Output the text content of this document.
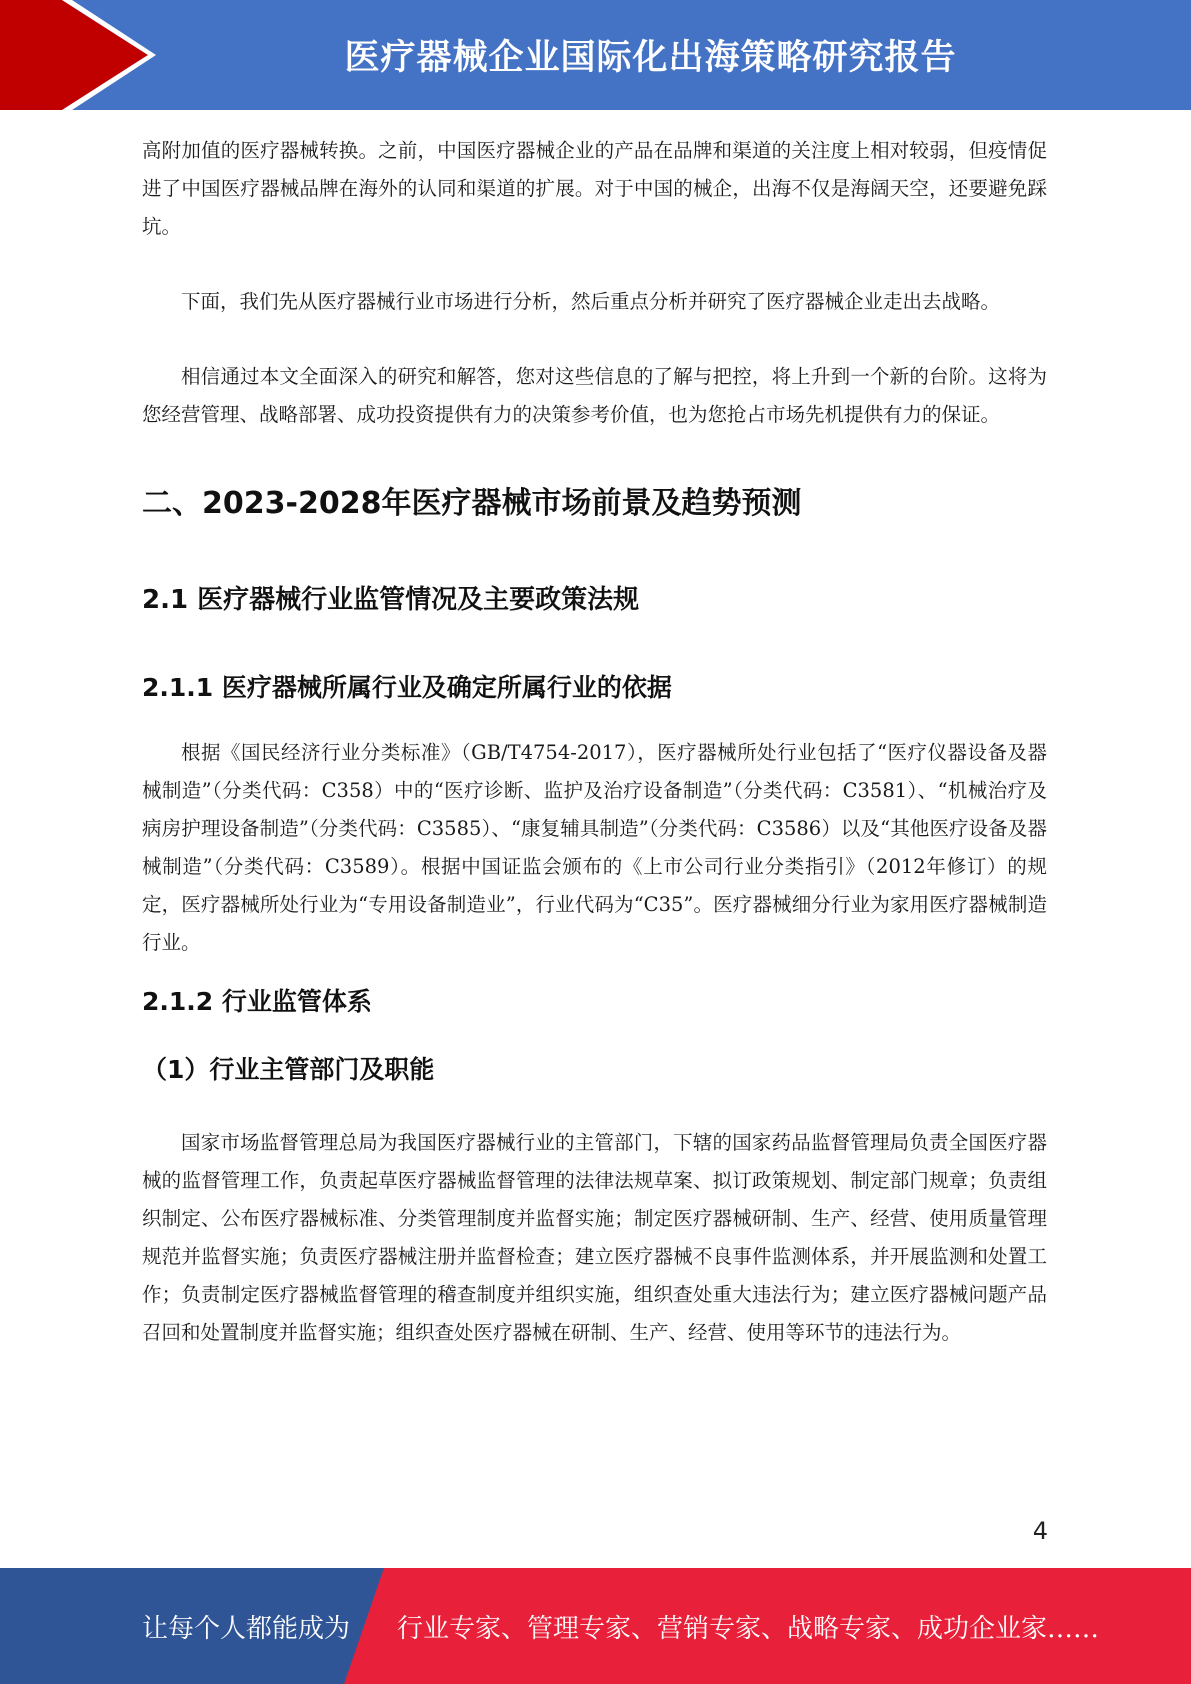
医疗器械企业国际化出海策略研究报告

高附加值的医疗器械转换。之前，中国医疗器械企业的产品在品牌和渠道的关注度上相对较弱，但疫情促进了中国医疗器械品牌在海外的认同和渠道的扩展。对于中国的械企，出海不仅是海阔天空，还要避免踩坑。

下面，我们先从医疗器械行业市场进行分析，然后重点分析并研究了医疗器械企业走出去战略。

相信通过本文全面深入的研究和解答，您对这些信息的了解与把控，将上升到一个新的台阶。这将为您经营管理、战略部署、成功投资提供有力的决策参考价值，也为您抢占市场先机提供有力的保证。

二、2023-2028年医疗器械市场前景及趋势预测
2.1 医疗器械行业监管情况及主要政策法规
2.1.1 医疗器械所属行业及确定所属行业的依据

根据《国民经济行业分类标准》（GB/T4754-2017），医疗器械所处行业包括了“医疗仪器设备及器械制造”（分类代码：C358）中的“医疗诊断、监护及治疗设备制造”（分类代码：C3581）、“机械治疗及病房护理设备制造”（分类代码：C3585）、“康复辅具制造”（分类代码：C3586）以及“其他医疗设备及器械制造”（分类代码：C3589）。根据中国证监会颁布的《上市公司行业分类指引》（2012年修订）的规定，医疗器械所处行业为“专用设备制造业”，行业代码为“C35”。医疗器械细分行业为家用医疗器械制造行业。

2.1.2 行业监管体系
（1）行业主管部门及职能

国家市场监督管理总局为我国医疗器械行业的主管部门，下辖的国家药品监督管理局负责全国医疗器械的监督管理工作，负责起草医疗器械监督管理的法律法规草案、拟订政策规划、制定部门规章；负责组织制定、公布医疗器械标准、分类管理制度并监督实施；制定医疗器械研制、生产、经营、使用质量管理规范并监督实施；负责医疗器械注册并监督检查；建立医疗器械不良事件监测体系，并开展监测和处置工作；负责制定医疗器械监督管理的稽查制度并组织实施，组织查处重大违法行为；建立医疗器械问题产品召回和处置制度并监督实施；组织查处医疗器械在研制、生产、经营、使用等环节的违法行为。

4
让每个人都能成为 行业专家、管理专家、营销专家、战略专家、成功企业家……
